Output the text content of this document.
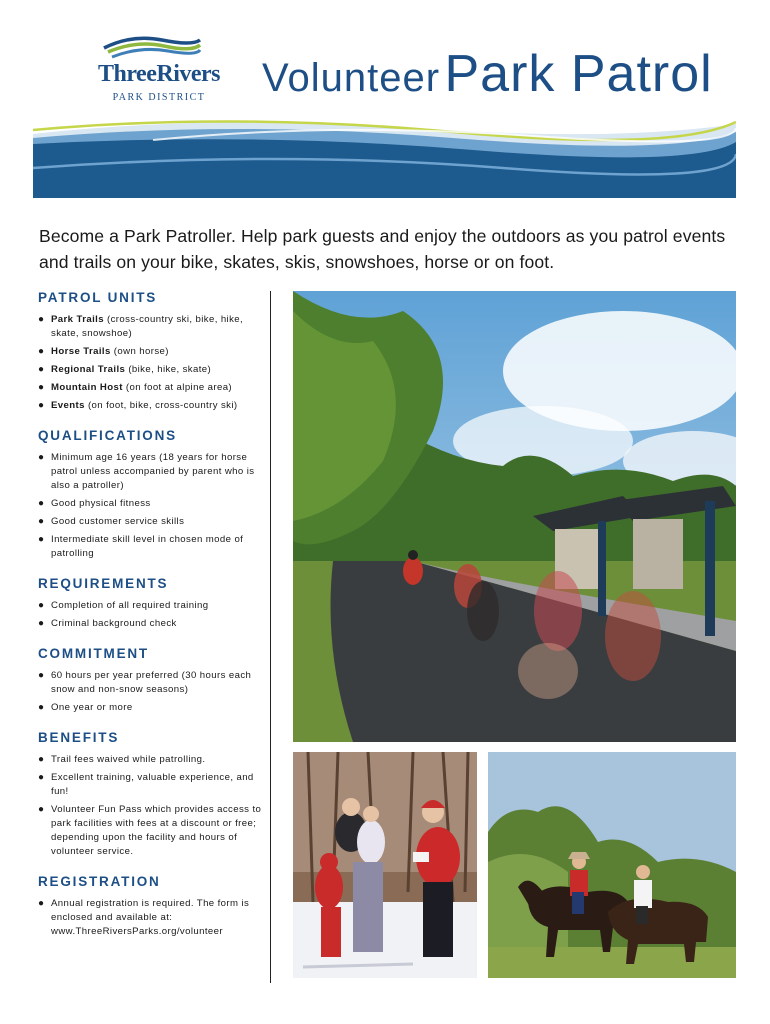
ThreeRivers
PARK DISTRICT	Volunteer Park Patrol
Become a Park Patroller. Help park guests and enjoy the outdoors as you patrol events and trails on your bike, skates, skis, snowshoes, horse or on foot.
PATROL UNITS
● Park Trails (cross-country ski, bike, hike, skate, snowshoe)
● Horse Trails (own horse)
● Regional Trails (bike, hike, skate)
● Mountain Host (on foot at alpine area)
● Events (on foot, bike, cross-country ski)
QUALIFICATIONS
● Minimum age 16 years (18 years for horse patrol unless accompanied by parent who is also a patroller)
● Good physical fitness
● Good customer service skills
● Intermediate skill level in chosen mode of patrolling
REQUIREMENTS
● Completion of all required training
● Criminal background check
COMMITMENT
● 60 hours per year preferred (30 hours each snow and non-snow seasons)
● One year or more
BENEFITS
● Trail fees waived while patrolling.
● Excellent training, valuable experience, and fun!
● Volunteer Fun Pass which provides access to park facilities with fees at a discount or free; depending upon the facility and hours of volunteer service.
REGISTRATION
● Annual registration is required. The form is enclosed and available at: www.ThreeRiversParks.org/volunteer
